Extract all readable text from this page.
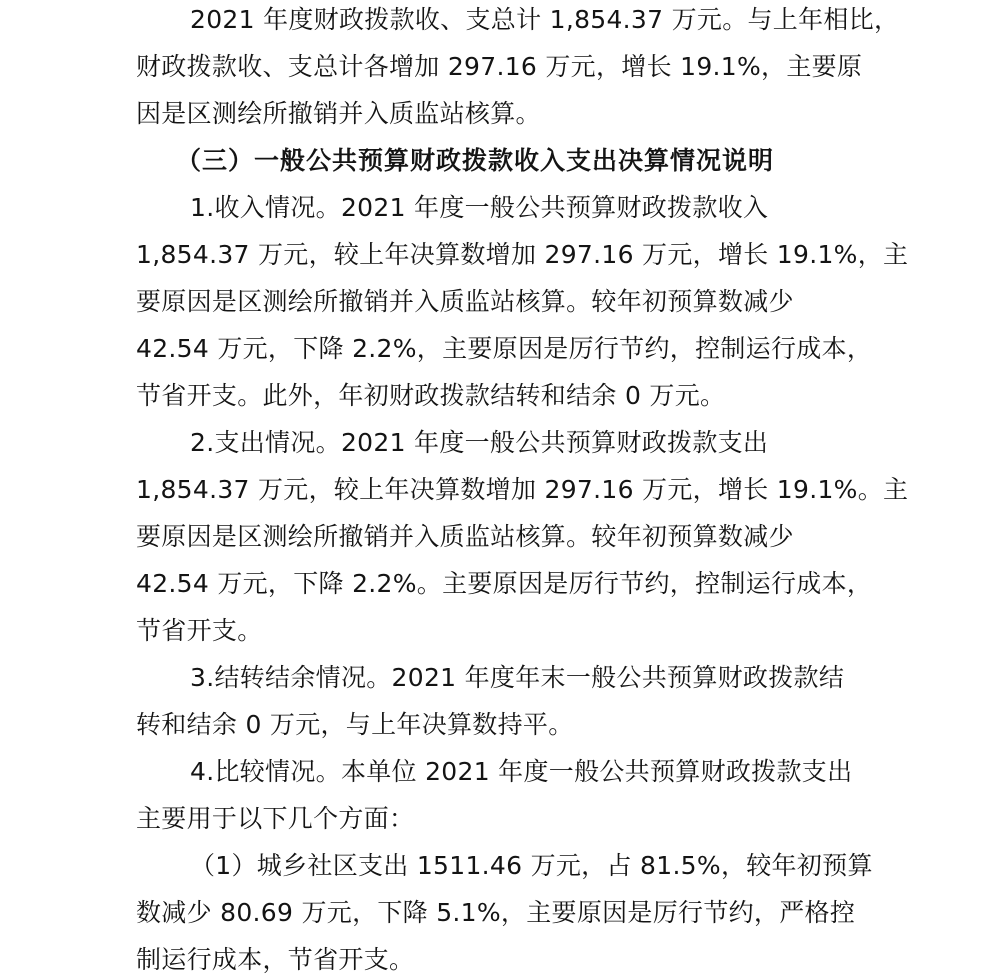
2021 年度财政拨款收、支总计 1,854.37 万元。与上年相比，
财政拨款收、支总计各增加 297.16 万元，增长 19.1%，主要原
因是区测绘所撤销并入质监站核算。
（三）一般公共预算财政拨款收入支出决算情况说明
1.收入情况。2021 年度一般公共预算财政拨款收入
1,854.37 万元，较上年决算数增加 297.16 万元，增长 19.1%，主
要原因是区测绘所撤销并入质监站核算。较年初预算数减少
42.54 万元，下降 2.2%，主要原因是厉行节约，控制运行成本，
节省开支。此外，年初财政拨款结转和结余 0 万元。
2.支出情况。2021 年度一般公共预算财政拨款支出
1,854.37 万元，较上年决算数增加 297.16 万元，增长 19.1%。主
要原因是区测绘所撤销并入质监站核算。较年初预算数减少
42.54 万元，下降 2.2%。主要原因是厉行节约，控制运行成本，
节省开支。
3.结转结余情况。2021 年度年末一般公共预算财政拨款结
转和结余 0 万元，与上年决算数持平。
4.比较情况。本单位 2021 年度一般公共预算财政拨款支出
主要用于以下几个方面：
（1）城乡社区支出 1511.46 万元，占 81.5%，较年初预算
数减少 80.69 万元，下降 5.1%，主要原因是厉行节约，严格控
制运行成本，节省开支。
